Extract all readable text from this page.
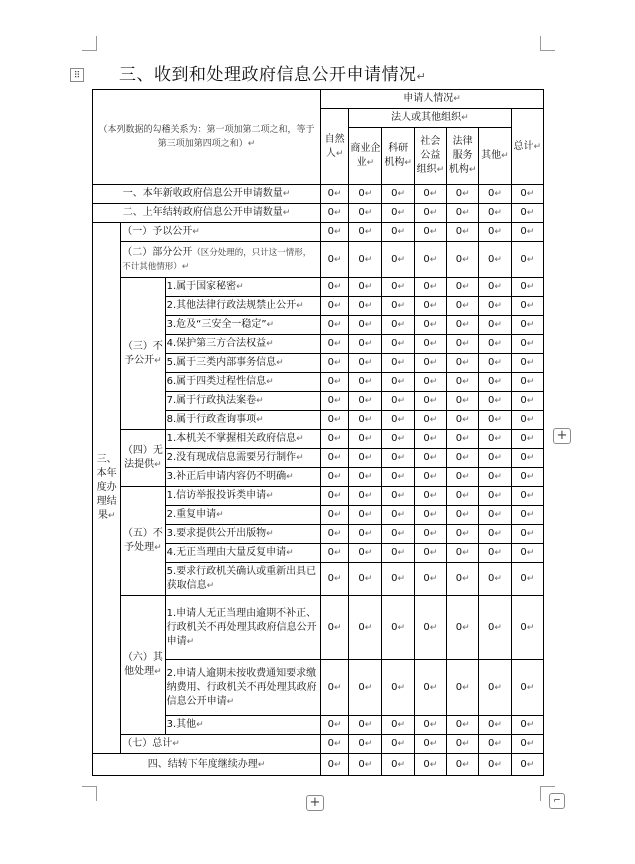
⠿ 三、收到和处理政府信息公开申请情况↵
（本列数据的勾稽关系为：第一项加第二项之和，等于第三项加第四项之和）↵			申请人情况↵						
			自然人↵	法人或其他组织↵					总计↵
				商业企业↵	科研机构↵	社会公益组织↵	法律服务机构↵	其他↵	
一、本年新收政府信息公开申请数量↵			0↵	0↵	0↵	0↵	0↵	0↵	0↵
二、上年结转政府信息公开申请数量↵			0↵	0↵	0↵	0↵	0↵	0↵	0↵
三、本年度办理结果↵	（一）予以公开↵		0↵	0↵	0↵	0↵	0↵	0↵	0↵
	（二）部分公开（区分处理的，只计这一情形，不计其他情形）↵		0↵	0↵	0↵	0↵	0↵	0↵	0↵
	（三）不予公开↵	1.属于国家秘密↵	0↵	0↵	0↵	0↵	0↵	0↵	0↵
		2.其他法律行政法规禁止公开↵	0↵	0↵	0↵	0↵	0↵	0↵	0↵
		3.危及“三安全一稳定”↵	0↵	0↵	0↵	0↵	0↵	0↵	0↵
		4.保护第三方合法权益↵	0↵	0↵	0↵	0↵	0↵	0↵	0↵
		5.属于三类内部事务信息↵	0↵	0↵	0↵	0↵	0↵	0↵	0↵
		6.属于四类过程性信息↵	0↵	0↵	0↵	0↵	0↵	0↵	0↵
		7.属于行政执法案卷↵	0↵	0↵	0↵	0↵	0↵	0↵	0↵
		8.属于行政查询事项↵	0↵	0↵	0↵	0↵	0↵	0↵	0↵
	（四）无法提供↵	1.本机关不掌握相关政府信息↵	0↵	0↵	0↵	0↵	0↵	0↵	0↵
		2.没有现成信息需要另行制作↵	0↵	0↵	0↵	0↵	0↵	0↵	0↵
		3.补正后申请内容仍不明确↵	0↵	0↵	0↵	0↵	0↵	0↵	0↵
	（五）不予处理↵	1.信访举报投诉类申请↵	0↵	0↵	0↵	0↵	0↵	0↵	0↵
		2.重复申请↵	0↵	0↵	0↵	0↵	0↵	0↵	0↵
		3.要求提供公开出版物↵	0↵	0↵	0↵	0↵	0↵	0↵	0↵
		4.无正当理由大量反复申请↵	0↵	0↵	0↵	0↵	0↵	0↵	0↵
		5.要求行政机关确认或重新出具已获取信息↵	0↵	0↵	0↵	0↵	0↵	0↵	0↵
	（六）其他处理↵	1.申请人无正当理由逾期不补正、行政机关不再处理其政府信息公开申请↵	0↵	0↵	0↵	0↵	0↵	0↵	0↵
		2.申请人逾期未按收费通知要求缴纳费用、行政机关不再处理其政府信息公开申请↵	0↵	0↵	0↵	0↵	0↵	0↵	0↵
		3.其他↵	0↵	0↵	0↵	0↵	0↵	0↵	0↵
	（七）总计↵		0↵	0↵	0↵	0↵	0↵	0↵	0↵
四、结转下年度继续办理↵			0↵	0↵	0↵	0↵	0↵	0↵	0↵
+
+	⌐
